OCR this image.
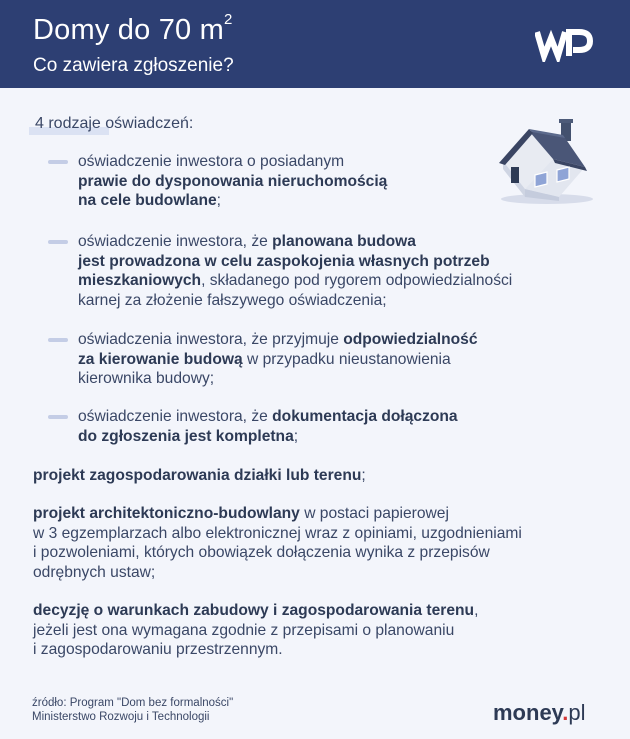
Domy do 70 $m^2$
Co zawiera zgłoszenie?
4 rodzaje oświadczeń:
oświadczenie inwestora o posiadanym
prawie do dysponowania nieruchomością
na cele budowlane;
oświadczenie inwestora, że planowana budowa
jest prowadzona w celu zaspokojenia własnych potrzeb
mieszkaniowych, składanego pod rygorem odpowiedzialności
karnej za złożenie fałszywego oświadczenia;
oświadczenia inwestora, że przyjmuje odpowiedzialność
za kierowanie budową w przypadku nieustanowienia
kierownika budowy;
oświadczenie inwestora, że dokumentacja dołączona
do zgłoszenia jest kompletna;
projekt zagospodarowania działki lub terenu;
projekt architektoniczno-budowlany w postaci papierowej
w 3 egzemplarzach albo elektronicznej wraz z opiniami, uzgodnieniami
i pozwoleniami, których obowiązek dołączenia wynika z przepisów
odrębnych ustaw;
decyzję o warunkach zabudowy i zagospodarowania terenu,
jeżeli jest ona wymagana zgodnie z przepisami o planowaniu
i zagospodarowaniu przestrzennym.
źródło: Program "Dom bez formalności"
Ministerstwo Rozwoju i Technologii	money.pl
